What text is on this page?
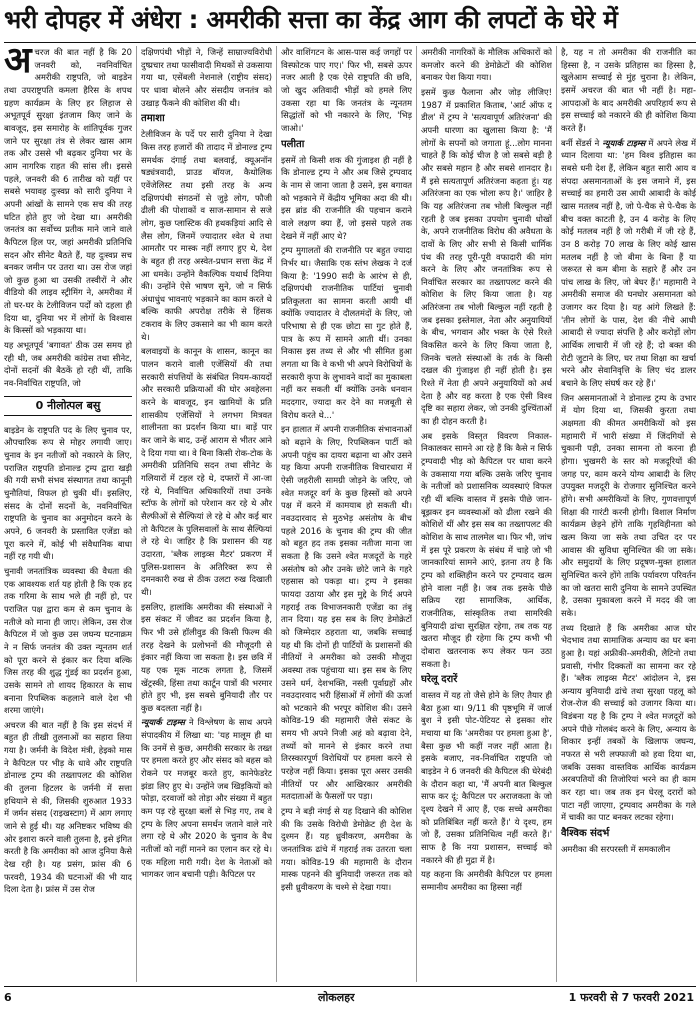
भरी दोपहर में अंधेरा : अमरीकी सत्ता का केंद्र आग की लपटों के घेरे में

अचरज की बात नहीं है कि 20 जनवरी को, नवनिर्वाचित अमरीकी राष्ट्रपति, जो बाइडेन तथा उपराष्ट्रपति कमला हैरिस के शपथ ग्रहण कार्यक्रम के लिए हर लिहाज से अभूतपूर्व सुरक्षा इंतजाम किए जाने के बावजूद, इस समारोह के शांतिपूर्वक गुजर जाने पर सुरक्षा तंत्र से लेकर खास आम तक और उससे भी बढ़कर दुनिया भर के आम नागरिक राहत की सांस ली। इससे पहले, जनवरी की 6 तारीख को यहीं पर सबसे भयावह दुःस्वप्न को सारी दुनिया ने अपनी आंखों के सामने एक सच की तरह घटित होते हुए जो देखा था। अमरीकी जनतंत्र का सर्वोच्च प्रतीक माने जाने वाले कैपिटल हिल पर, जहां अमरीकी प्रतिनिधि सदन और सीनेट बैठते हैं, यह दुःस्वप्न सच बनकर जमीन पर उतरा था। उस रोज जहां जो कुछ हुआ था उसकी तस्वीरों ने और वीडियो की लाइव स्ट्रीमिंग ने, अमरीका में तो घर-घर के टेलीविजन पर्दों को दहला ही दिया था, दुनिया भर में लोगों के विश्वास के किस्सों को भड़काया था।

यह अभूतपूर्व 'बगावत' ठीक उस समय हो रही थी, जब अमरीकी कांग्रेस तथा सीनेट, दोनों सदनों की बैठकें हो रही थीं, ताकि नव-निर्वाचित राष्ट्रपति, जो

0 नीलोत्पल बसु

बाइडेन के राष्ट्रपति पद के लिए चुनाव पर, औपचारिक रूप से मोहर लगायी जाए। चुनाव के इन नतीजों को नकारने के लिए, पराजित राष्ट्रपति डोनाल्ड ट्रम्प द्वारा खड़ी की गयी सभी संभव संस्थागत तथा कानूनी चुनौतियां, विफल हो चुकी थीं। इसलिए, संसद के दोनों सदनों के, नवनिर्वाचित राष्ट्रपति के चुनाव का अनुमोदन करने के अपने, 6 जनवरी के प्रस्तावित एजेंडा को पूरा करने में, कोई भी संवैधानिक बाधा नहीं रह गयी थी।

चुनावी जनतांत्रिक व्यवस्था की वैधता की एक आवश्यक शर्त यह होती है कि एक हद तक गरिमा के साथ भले ही नहीं हो, पर पराजित पक्ष द्वारा कम से कम चुनाव के नतीजे को माना ही जाए। लेकिन, उस रोज कैपिटल में जो कुछ उस जघन्य घटनाक्रम ने न सिर्फ जनतंत्र की उक्त न्यूनतम शर्त को पूरा करने से इंकार कर दिया बल्कि जिस तरह की शुद्ध गुंडई का प्रदर्शन हुआ, उसके सामने तो शायद हिकारत के साथ बनाना रिपब्लिक कहलाने वाले देश भी शरमा जाएंगे।

अचरज की बात नहीं है कि इस संदर्भ में बहुत ही तीखी तुलनाओं का सहारा लिया गया है। जर्मनी के विदेश मंत्री, हेइको मास ने कैपिटल पर भीड़ के धावे और राष्ट्रपति डोनाल्ड ट्रम्प की तख्तापलट की कोशिश की तुलना हिटलर के जर्मनी में सत्ता हथियाने से की, जिसकी शुरुआत 1933 में जर्मन संसद (राइखस्टाग) में आग लगाए जाने से हुई थी। यह अनिष्टकर भविष्य की ओर इशारा करने वाली तुलना है, इसे इंगित करती है कि अमरीका को आज दुनिया कैसे देख रही है। यह प्रसंग, फ्रांस की 6 फरवरी, 1934 की घटनाओं की भी याद दिला देता है। फ्रांस में उस रोज

दक्षिणपंथी भीड़ों ने, जिन्हें साम्राज्यविरोधी दुष्प्रचार तथा फासीवादी मिथकों से उकसाया गया था, एसेंबली नेशनाले (राष्ट्रीय संसद) पर धावा बोलने और संसदीय जनतंत्र को उखाड़ फैंकने की कोशिश की थी।

तमाशा

टेलीविजन के पर्दे पर सारी दुनिया ने देखा किस तरह हजारों की तादाद में डोनाल्ड ट्रम्प समर्थक दंगाई तथा बलवाई, क्यूअनॉन षड्यंत्रवादी, प्राउड बॉयज, कैथोलिक एवेंजेलिस्ट तथा इसी तरह के अन्य दक्षिणपंथी संगठनों से जुड़े लोग, फौजी ढीली की पोशाकों व साज-सामान से सजे लोग, कुछ प्लास्टिक की हथकड़ियां आदि से लैस लोग, जिनमें ज्यादातर श्वेत थे तथा आमतौर पर मास्क नहीं लगाए हुए थे, देश के बहुत ही तरह अस्वेत-प्रधान सत्ता केंद्र में आ धमके। उन्होंने वैकल्पिक यथार्थ दिनिया की। उन्होंने ऐसे भाषण सुने, जो न सिर्फ अंधाधुंध भावनाएं भड़काने का काम करते थे बल्कि काफी अपरोक्ष तरीके से हिंसक टकराव के लिए उकसाने का भी काम करते थे।

बलवाइयों के कानून के शासन, कानून का पालन कराने वाली एजेंसियों की तथा सरकारी संपत्तियों के संबंधित नियम-कायदों और सरकारी प्रक्रियाओं की घोर अवहेलना करने के बावजूद, इन खामियों के प्रति शासकीय एजेंसियों ने लगभग मित्रवत शालीनता का प्रदर्शन किया था। बाड़ें पार कर जाने के बाद, उन्हें आराम से भीतर आने दे दिया गया था। वे बिना किसी रोक-टोक के अमरीकी प्रतिनिधि सदन तथा सीनेट के गलियारों में टहल रहे थे, दफ्तरों में आ-जा रहे थे, निर्वाचित अधिकारियों तथा उनके स्टॉफ के लोगों को परेशान कर रहे थे और सैल्फीओं से सैल्फियां ले रहे थे और कई बार तो कैपिटल के पुलिसवालों के साथ सैल्फियां ले रहे थे। जाहिर है कि प्रशासन की यह उदारता, 'ब्लैक लाइव्स मैटर' प्रकरण में पुलिस-प्रशासन के अतिरिक्त रूप से दमनकारी रुख से ठीक उलटा रुख दिखाती थी।

इसलिए, हालांकि अमरीका की संस्थाओं ने इस संकट में जीवट का प्रदर्शन किया है, फिर भी उसे हॉलीवुड की किसी फिल्म की तरह देखने के प्रलोभनों की मौजूदगी से इंकार नहीं किया जा सकता है। इस छवि में यह एक मूक नाटक लगता है, जिसमें खेंट्रस्की, हिंसा तथा कार्टून पात्रों की भरमार होते हुए भी, इस सबसे बुनियादी तौर पर कुछ बदलता नहीं है।

न्यूयार्क टाइम्स ने विश्लेषण के साथ अपने संपादकीय में लिखा था: 'यह मालूम ही था कि उनमें से कुछ, अमरीकी सरकार के तख्त पर हमला करते हुए और संसद को बहस को रोकने पर मजबूर करते हुए, कानेफेडरेट झंडा लिए हुए थे। उन्होंने जब खिड़कियों को फोड़ा, दरवाजों को तोड़ा और संख्या में बहुत कम पड़ रहे सुरक्षा बलों से भिड़ गए, तब वे ट्रम्प के लिए अपना समर्थन जताने वाले नारे लगा रहे थे और 2020 के चुनाव के वैध नतीजों को नहीं मानने का एलान कर रहे थे। एक महिला मारी गयी। देश के नेताओं को भागकर जान बचानी पड़ी। कैपिटल पर

और वाशिंगटन के आस-पास कई जगहों पर विस्फोटक पाए गए।' फिर भी, सबसे ऊपर नजर आती है एक ऐसे राष्ट्रपति की छवि, जो खुद अतिवादी भीड़ों को हमले लिए उकसा रहा था कि जनतंत्र के न्यूनतम सिद्धांतों को भी नकारने के लिए, 'भिड़ जाओ।'

पलीता

इसमें तो किसी शक की गुंजाइश ही नहीं है कि डोनाल्ड ट्रम्प ने और अब जिसे ट्रम्पवाद के नाम से जाना जाता है उसने, इस बगावत को भड़काने में केंद्रीय भूमिका अदा की थी। इस ब्रांड की राजनीति की पहचान कराने वाले लक्षण क्या हैं, जो इससे पहले तक देखने में नहीं आए थे?

ट्रम्प मुगालतों की राजनीति पर बहुत ज्यादा निर्भर था। जैसाकि एक स्तंभ लेखक ने दर्ज किया है: '1990 सदी के आरंभ से ही, दक्षिणपंथी राजनीतिक पार्टियां चुनावी प्रतिकूलता का सामना करती आयी थीं क्योंकि ज्यादातर वे दौलतमंदों के लिए, जो परिभाषा से ही एक छोटा सा गुट होते हैं, पात्र के रूप में सामने आती थीं। उनका निकास इस तथ्य से और भी सीमित हुआ लगता था कि वे कभी भी अपने विरोधियों के सरकारी कृपा के लुभावने वादों का मुकाबला नहीं कर सकती थीं क्योंकि उनके धनवान मददगार, ज्यादा कर देने का मजबूती से विरोध करते थे...'

इन हालात में अपनी राजनीतिक संभावनाओं को बढ़ाने के लिए, रिपब्लिकन पार्टी को अपनी पहुंच का दायरा बढ़ाना था और उसने यह किया अपनी राजनीतिक विचारधारा में ऐसी जहरीली सामग्री जोड़ने के जरिए, जो श्वेत मजदूर वर्ग के कुछ हिस्सों को अपने पक्ष में करने में कामयाब हो सकती थी। नवउदारवाद से मुठभेड़ असंतोष के बीच पहले 2016 के चुनाव की ट्रम्प की जीत को बहुत हद तक इसका नतीजा माना जा सकता है कि उसने श्वेत मजदूरों के गहरे असंतोष को और उनके छोटे जाने के गहरे एहसास को पकड़ा था। ट्रम्प ने इसका फायदा उठाया और इस मुद्दे के गिर्द अपने गहराई तक विभाजनकारी एजेंडा का तंबू तान दिया। यह इस सब के लिए डेमोक्रेटों को जिम्मेदार ठहराता था, जबकि सच्चाई यह थी कि दोनों ही पार्टियों के प्रशासनों की नीतियों ने अमरीका को उसकी मौजूदा अवस्था तक पहुंचाया था। इस सब के लिए उसने धर्म, देशभक्ति, नस्ली पूर्वाग्रहों और नवउदारवाद भरी हिंसाओं में लोगों की ऊर्जा को भटकाने की भरपूर कोशिश की। उसने कोविड-19 की महामारी जैसे संकट के समय भी अपने निजी अहं को बढ़ावा देने, तथ्यों को मानने से इंकार करने तथा तिरस्कारपूर्ण विरोधियों पर हमला करने से परहेज नहीं किया। इसका पूरा असर उसकी नीतियों पर और आखिरकार अमरीकी मतदाताओं के फैसलों पर पड़ा।

ट्रम्प ने बड़ी नंगई से यह दिखाने की कोशिश की कि उसके विरोधी डेमोक्रेट ही देश के दुश्मन हैं। यह ध्रुवीकरण, अमरीका के जनतांत्रिक ढांचे में गहराई तक उतरता चला गया। कोविड-19 की महामारी के दौरान मास्क पहनने की बुनियादी जरूरत तक को इसी ध्रुवीकरण के चश्मे से देखा गया।

अमरीकी नागरिकों के मौलिक अधिकारों को कमजोर करने की डेमोक्रेटों की कोशिश बनाकर पेश किया गया।

इसमें कुछ फैलाना और जोड़ लीजिए! 1987 में प्रकाशित किताब, 'आर्ट ऑफ द डील' में ट्रम्प ने 'सत्यवापूर्ण अतिरंजना' की अपनी धारणा का खुलासा किया है: 'मैं लोगों के सपनों को जगाता हूं...लोग मानना चाहते हैं कि कोई चीज है जो सबसे बड़ी है और सबसे महान है और सबसे शानदार है। मैं इसे सत्यतापूर्ण अतिरंजना कहता हूं। यह अतिरंजना का एक भोला रूप है।' जाहिर है कि यह अतिरंजना तब भोली बिल्कुल नहीं रहती है जब इसका उपयोग चुनावी धोखों के, अपने राजनीतिक विरोध की अवैधता के दावों के लिए और सभी से किसी धार्मिक पंथ की तरह पूरी-पूरी वफादारी की मांग करने के लिए और जनतांत्रिक रूप से निर्वाचित सरकार का तख्तापलट करने की कोशिश के लिए किया जाता है। यह अतिरंजना तब भोली बिल्कुल नहीं रहती है जब इसका इस्तेमाल, नेता और अनुयायियों के बीच, भगवान और भक्त के ऐसे रिश्ते विकसित करने के लिए किया जाता है, जिनके चलते संस्थाओं के तर्क के किसी दखल की गुंजाइश ही नहीं होती है। इस रिश्ते में नेता ही अपने अनुयायियों को अर्थ देता है और वह करता है एक ऐसी विश्व दृष्टि का सहारा लेकर, जो उनकी दुश्चिंताओं का ही दोहन करती है।

अब इसके विस्तृत विवरण निकाल-निकालकर सामने आ रहे हैं कि कैसे न सिर्फ ट्रम्पवादी भीड़ को कैपिटल पर धावा करने के उकसाया गया बल्कि उसके जरिए चुनाव के नतीजों को प्रशासनिक व्यवस्थाएं विफल रही थीं बल्कि वास्तव में इसके पीछे जान-बूझकर इन व्यवस्थाओं को ढीला रखने की कोशिशें थीं और इस सब का तख्तापलट की कोशिश के साथ तालमेल था। फिर भी, जांच में इस पूरे प्रकरण के संबंध में चाहे जो भी जानकारियां सामने आएं, इतना तय है कि ट्रम्प को शक्तिहीन करने पर ट्रम्पवाद खत्म होने वाला नहीं है। जब तक इसके पीछे सक्रिय रहा सामाजिक, आर्थिक, राजनीतिक, सांस्कृतिक तथा सामरिकी बुनियादी ढांचा सुरक्षित रहेगा, तब तक यह खतरा मौजूद ही रहेगा कि ट्रम्प कभी भी दोबारा खतरनाक रूप लेकर फन उठा सकता है।

घरेलू दरारें

वास्तव में यह तो जैसे होने के लिए तैयार ही बैठा हुआ था। 9/11 की पृष्ठभूमि में जार्ज बुश ने इसी पोट-पेटियट से इसका शोर मचाया था कि 'अमरीका पर हमला हुआ है', बैसा कुछ भी कहीं नजर नहीं आता है। इसके बजाए, नव-निर्वाचित राष्ट्रपति जो बाइडेन ने 6 जनवरी की कैपिटल की घेरेबंदी के दौरान कहा था, 'मैं अपनी बात बिल्कुल साफ कर दूं: कैपिटल पर अराजकता के जो दृश्य देखने में आए हैं, एक सच्चे अमरीका को प्रतिबिंबित नहीं करते हैं।' ये दृश्य, हम जो हैं, उसका प्रतिनिधित्व नहीं करते हैं।' साफ है कि नया प्रशासन, सच्चाई को नकारने की ही मुद्रा में है।

यह कहना कि अमरीकी कैपिटल पर हमला सम्मानीय अमरीका का हिस्सा नहीं

है, यह न तो अमरीका की राजनीति का हिस्सा है, न उसके प्रतिहास का हिस्सा है, खुलेआम सच्चाई से मुंह चुराना है। लेकिन, इसमें अचरज की बात भी नहीं है। महा-आपदाओं के बाद अमरीकी अपरिहार्य रूप से इस सच्चाई को नकारने की ही कोशिश किया करते हैं।

बर्नी सेंडर्स ने न्यूयार्क टाइम्स में अपने लेख में ध्यान दिलाया था: 'हम विश्व इतिहास का सबसे धनी देश हैं, लेकिन बहुत सारी आय व संपदा असमानताओं के इस जमाने में, इस सच्चाई का हमारी उस आधी आबादी के कोई खास मतलब नहीं है, जो पे-चैक से पे-चैक के बीच वक्त काटती है, उन 4 करोड़ के लिए कोई मतलब नहीं है जो गरीबी में जी रहे हैं, उन 8 करोड़ 70 लाख के लिए कोई खास मतलब नहीं है जो बीमा के बिना हैं या जरूरत से कम बीमा के सहारे हैं और उन पांच लाख के लिए, जो बेघर हैं।' महामारी ने अमरीकी समाज की घनघोर असमानता को उजागर कर दिया है। यह आंगे लिखते हैं: 'तीन लोगों के पास, देश की नीचे आधी आबादी से ज्यादा संपत्ति है और करोड़ों लोग आर्थिक लाचारी में जी रहे हैं; दो बक्त की रोटी जुटाने के लिए, घर तथा शिक्षा का खर्चा भरने और सेवानिवृत्ति के लिए चंद डालर बचाने के लिए संघर्ष कर रहे हैं।'

जिन असमानताओं ने डोनाल्ड ट्रम्प के उभार में योग दिया था, जिसकी कुरता तथा अक्षमता की कीमत अमरीकियों को इस महामारी में भारी संख्या में जिंदगियों से चुकानी पड़ी, उनका सामना तो करना ही होगा। भुखमरी के स्तर को मजदूरियों की जगह पर, काम करने योग्य आबादी के लिए उपयुक्त मजदूरी के रोजगार सुनिश्चित करने होंगे। सभी अमरीकियों के लिए, गुणवत्तापूर्ण शिक्षा की गारंटी करनी होगी। विशाल निर्माण कार्यक्रम छेड़ने होंगे ताकि गृहविहीनता को खत्म किया जा सके तथा उचित दर पर आवास की सुविधा सुनिश्चित की जा सके। और समुदायों के लिए प्रदूषण-मुक्त हालात सुनिश्चित करने होंगे ताकि पर्यावरण परिवर्तन का जो खतरा सारी दुनिया के सामने उपस्थित है, उसका मुकाबला करने में मदद की जा सके।

तथ्य दिखाते हैं कि अमरीका आज घोर भेदभाव तथा सामाजिक अन्याय का घर बना हुआ है। यहां अफ्रीकी-अमरीकी, लैटिनो तथा प्रवासी, गंभीर दिक्कतों का सामना कर रहे हैं। 'ब्लैक लाइव्स मैटर' आंदोलन ने, इस अन्याय बुनियादी ढांचे तथा सुरक्षा पहलू को रोज-रोज की सच्चाई को उजागर किया था। विडंबना यह है कि ट्रम्प ने श्वेत मजदूरों को अपने पीछे गोलबंद करने के लिए, अन्याय के शिकार इन्हीं तबकों के खिलाफ जघन्य, नफरत से भरी लफ्फाजी को हवा दिया था, जबकि उसका वास्तविक आर्थिक कार्यक्रम अरबपतियों की तिजोरियां भरने का ही काम कर रहा था। जब तक इन घेरलू दरारों को पाटा नहीं जाएगा, ट्रम्पवाद अमरीका के गले में चाकी का पाट बनकर लटका रहेगा।

वैश्विक संदर्भ

अमरीका की सरपरस्ती में समकालीन

6	लोकलहर	1 फरवरी से 7 फरवरी 2021
